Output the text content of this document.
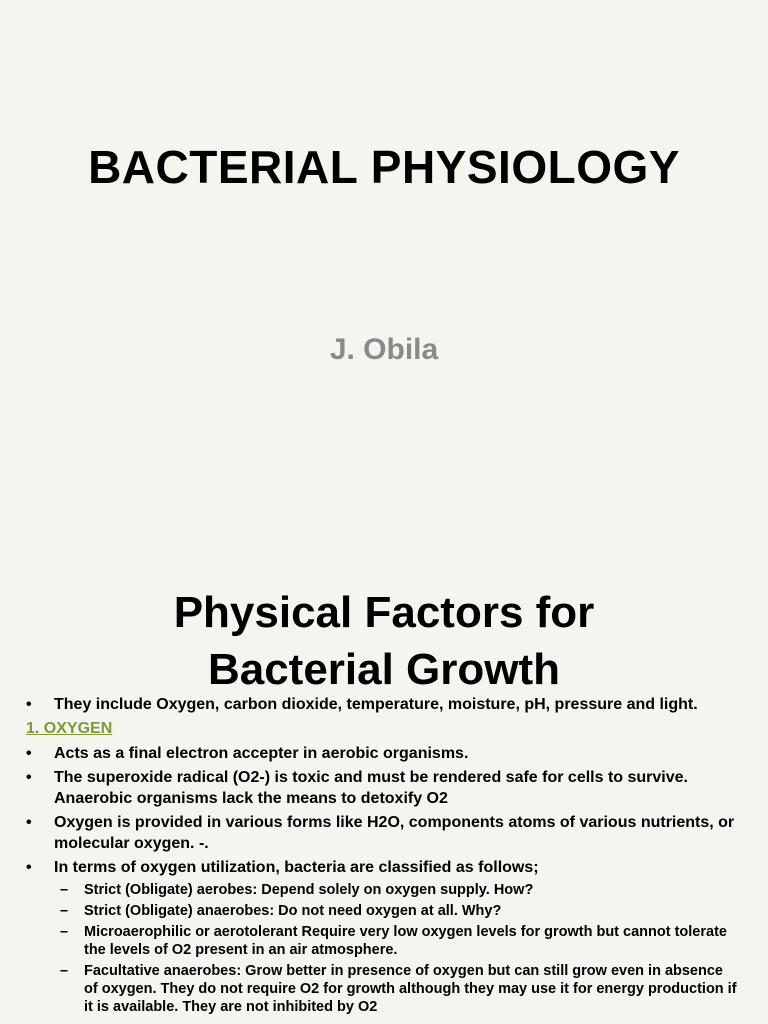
BACTERIAL PHYSIOLOGY

J. Obila

Physical Factors for
Bacterial Growth
•	They include Oxygen, carbon dioxide, temperature, moisture, pH, pressure and light.
1. OXYGEN
•	Acts as a final electron accepter in aerobic organisms.
•	The superoxide radical (O2-) is toxic and must be rendered safe for cells to survive. Anaerobic organisms lack the means to detoxify O2
•	Oxygen is provided in various forms like H2O, components atoms of various nutrients, or molecular oxygen. -.
•	In terms of oxygen utilization, bacteria are classified as follows;
–	Strict (Obligate) aerobes: Depend solely on oxygen supply. How?
–	Strict (Obligate) anaerobes: Do not need oxygen at all. Why?
–	Microaerophilic or aerotolerant Require very low oxygen levels for growth but cannot tolerate the levels of O2 present in an air atmosphere.
–	Facultative anaerobes: Grow better in presence of oxygen but can still grow even in absence of oxygen. They do not require O2 for growth although they may use it for energy production if it is available. They are not inhibited by O2
